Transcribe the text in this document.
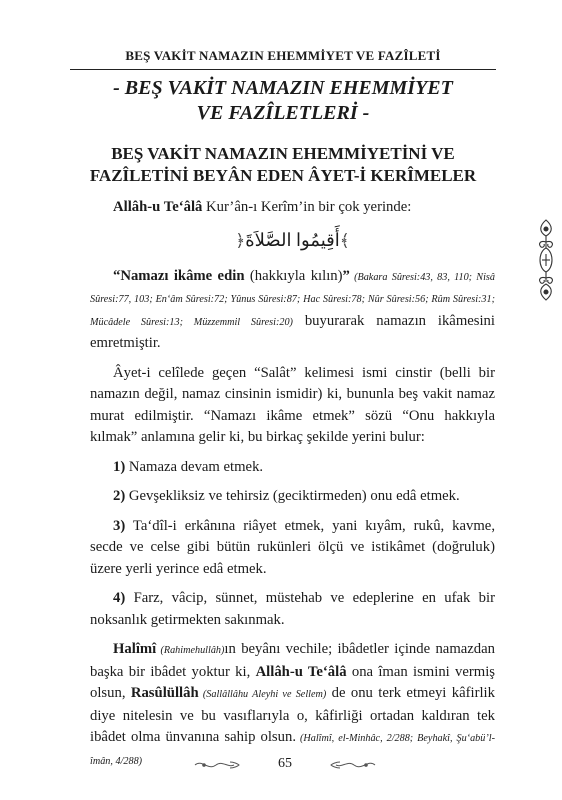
BEŞ VAKİT NAMAZIN EHEMMİYET VE FAZÎLETİ
- BEŞ VAKİT NAMAZIN EHEMMİYET
VE FAZÎLETLERİ -
BEŞ VAKİT NAMAZIN EHEMMİYETİNİ VE
FAZÎLETİNİ BEYÂN EDEN ÂYET-İ KERÎMELER

Allâh-u Te‘âlâ Kur’ân-ı Kerîm’in bir çok yerinde:

﴿أَقِيمُوا الصَّلاَةَ﴾

“Namazı ikâme edin (hakkıyla kılın)” (Bakara Sûresi:43, 83, 110; Nisâ Sûresi:77, 103; En‘âm Sûresi:72; Yûnus Sûresi:87; Hac Sûresi:78; Nûr Sûresi:56; Rûm Sûresi:31; Mücâdele Sûresi:13; Müzzemmil Sûresi:20) buyurarak namazın ikâmesini emretmiştir.

Âyet-i celîlede geçen “Salât” kelimesi ismi cinstir (belli bir namazın değil, namaz cinsinin ismidir) ki, bununla beş vakit namaz murat edilmiştir. “Namazı ikâme etmek” sözü “Onu hakkıyla kılmak” anlamına gelir ki, bu birkaç şekilde yerini bulur:

1) Namaza devam etmek.

2) Gevşekliksiz ve tehirsiz (geciktirmeden) onu edâ etmek.

3) Ta‘dîl-i erkânına riâyet etmek, yani kıyâm, rukû, kavme, secde ve celse gibi bütün rukünleri ölçü ve istikâmet (doğruluk) üzere yerli yerince edâ etmek.

4) Farz, vâcip, sünnet, müstehab ve edeplerine en ufak bir noksanlık getirmekten sakınmak.

Halîmî (Rahimehullâh)ın beyânı vechile; ibâdetler içinde namazdan başka bir ibâdet yoktur ki, Allâh-u Te‘âlâ ona îman ismini vermiş olsun, Rasûlüllâh (Sallâllâhu Aleyhi ve Sellem) de onu terk etmeyi kâfirlik diye nitelesin ve bu vasıflarıyla o, kâfirliği ortadan kaldıran tek ibâdet olma ünvanına sahip olsun. (Halîmî, el-Minhâc, 2/288; Beyhakî, Şu‘abü’l-îmân, 4/288)	65
